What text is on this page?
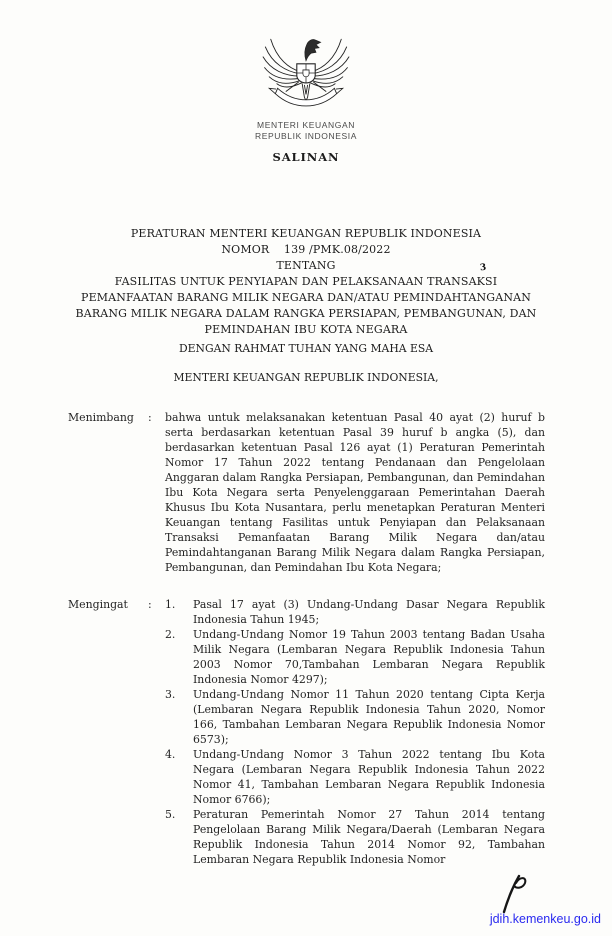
MENTERI KEUANGAN
REPUBLIK INDONESIA
SALINAN
PERATURAN MENTERI KEUANGAN REPUBLIK INDONESIA
NOMOR    139 /PMK.08/2022
TENTANG
FASILITAS UNTUK PENYIAPAN DAN PELAKSANAAN TRANSAKSI
PEMANFAATAN BARANG MILIK NEGARA DAN/ATAU PEMINDAHTANGANAN
BARANG MILIK NEGARA DALAM RANGKA PERSIAPAN, PEMBANGUNAN, DAN
PEMINDAHAN IBU KOTA NEGARA
3
DENGAN RAHMAT TUHAN YANG MAHA ESA
MENTERI KEUANGAN REPUBLIK INDONESIA,
Menimbang	:	bahwa untuk melaksanakan ketentuan Pasal 40 ayat (2) huruf b serta berdasarkan ketentuan Pasal 39 huruf b angka (5), dan berdasarkan ketentuan Pasal 126 ayat (1) Peraturan Pemerintah Nomor 17 Tahun 2022 tentang Pendanaan dan Pengelolaan Anggaran dalam Rangka Persiapan, Pembangunan, dan Pemindahan Ibu Kota Negara serta Penyelenggaraan Pemerintahan Daerah Khusus Ibu Kota Nusantara, perlu menetapkan Peraturan Menteri Keuangan tentang Fasilitas untuk Penyiapan dan Pelaksanaan Transaksi Pemanfaatan Barang Milik Negara dan/atau Pemindahtanganan Barang Milik Negara dalam Rangka Persiapan, Pembangunan, dan Pemindahan Ibu Kota Negara;
Mengingat	:	1.	Pasal 17 ayat (3) Undang-Undang Dasar Negara Republik Indonesia Tahun 1945;
2.	Undang-Undang Nomor 19 Tahun 2003 tentang Badan Usaha Milik Negara (Lembaran Negara Republik Indonesia Tahun 2003 Nomor 70,Tambahan Lembaran Negara Republik Indonesia Nomor 4297);
3.	Undang-Undang Nomor 11 Tahun 2020 tentang Cipta Kerja (Lembaran Negara Republik Indonesia Tahun 2020, Nomor 166, Tambahan Lembaran Negara Republik Indonesia Nomor 6573);
4.	Undang-Undang Nomor 3 Tahun 2022 tentang Ibu Kota Negara (Lembaran Negara Republik Indonesia Tahun 2022 Nomor 41, Tambahan Lembaran Negara Republik Indonesia Nomor 6766);
5.	Peraturan Pemerintah Nomor 27 Tahun 2014 tentang Pengelolaan Barang Milik Negara/Daerah (Lembaran Negara Republik Indonesia Tahun 2014 Nomor 92, Tambahan Lembaran Negara Republik Indonesia Nomor
jdih.kemenkeu.go.id
